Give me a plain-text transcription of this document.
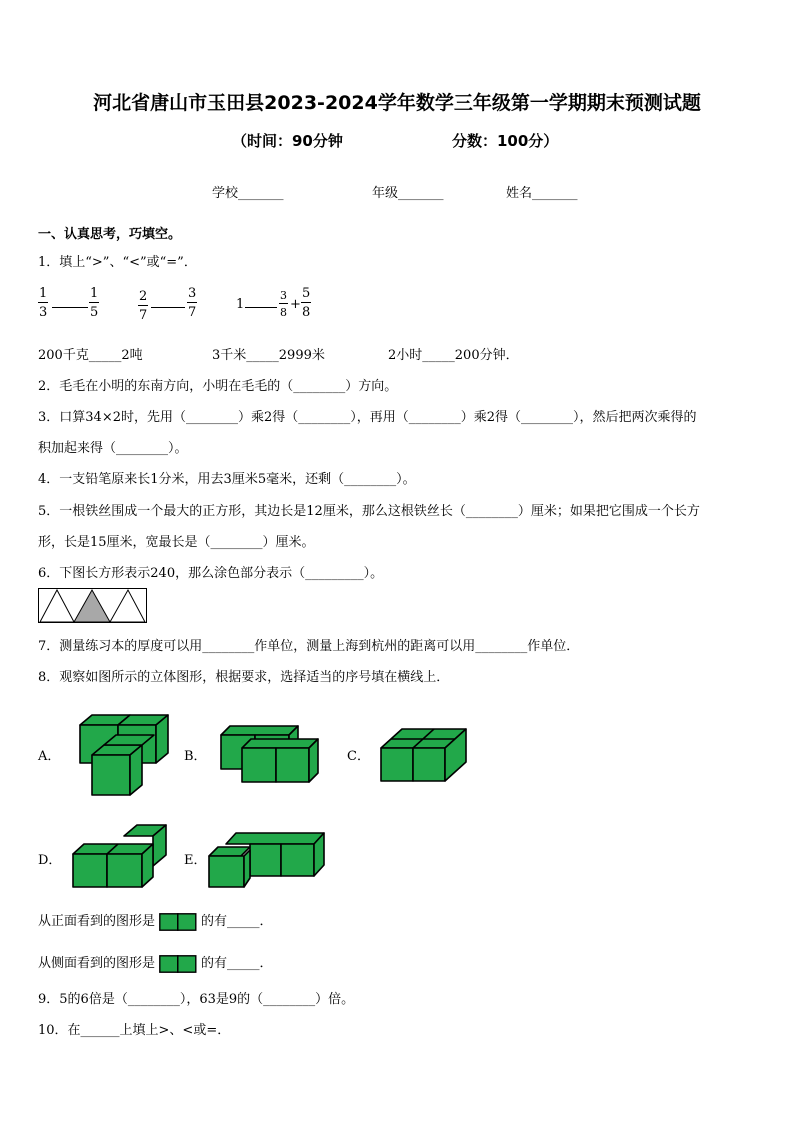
河北省唐山市玉田县2023-2024学年数学三年级第一学期期末预测试题
（时间：90分钟	分数：100分）
学校_______	年级_______	姓名_______
一、认真思考，巧填空。
1．填上“>”、“<”或“=”．
$\frac{1}{3}$	$\frac{1}{5}$	$\frac{2}{7}$	$\frac{3}{7}$	1	$\frac{3}{8} + \frac{5}{8}$
200千克_____2吨	3千米_____2999米	2小时_____200分钟．
2．毛毛在小明的东南方向，小明在毛毛的（________）方向。
3．口算34×2时，先用（________）乘2得（________），再用（________）乘2得（________），然后把两次乘得的
积加起来得（________）。
4．一支铅笔原来长1分米，用去3厘米5毫米，还剩（________）。
5．一根铁丝围成一个最大的正方形，其边长是12厘米，那么这根铁丝长（________）厘米；如果把它围成一个长方
形，长是15厘米，宽最长是（________）厘米。
6．下图长方形表示240，那么涂色部分表示（_________）。
7．测量练习本的厚度可以用________作单位，测量上海到杭州的距离可以用________作单位．
8．观察如图所示的立体图形，根据要求，选择适当的序号填在横线上．
A．	B．	C．
D．	E．
从正面看到的图形是	的有_____．
从侧面看到的图形是	的有_____．
9．5的6倍是（________），63是9的（________）倍。
10．在______上填上>、<或=．
